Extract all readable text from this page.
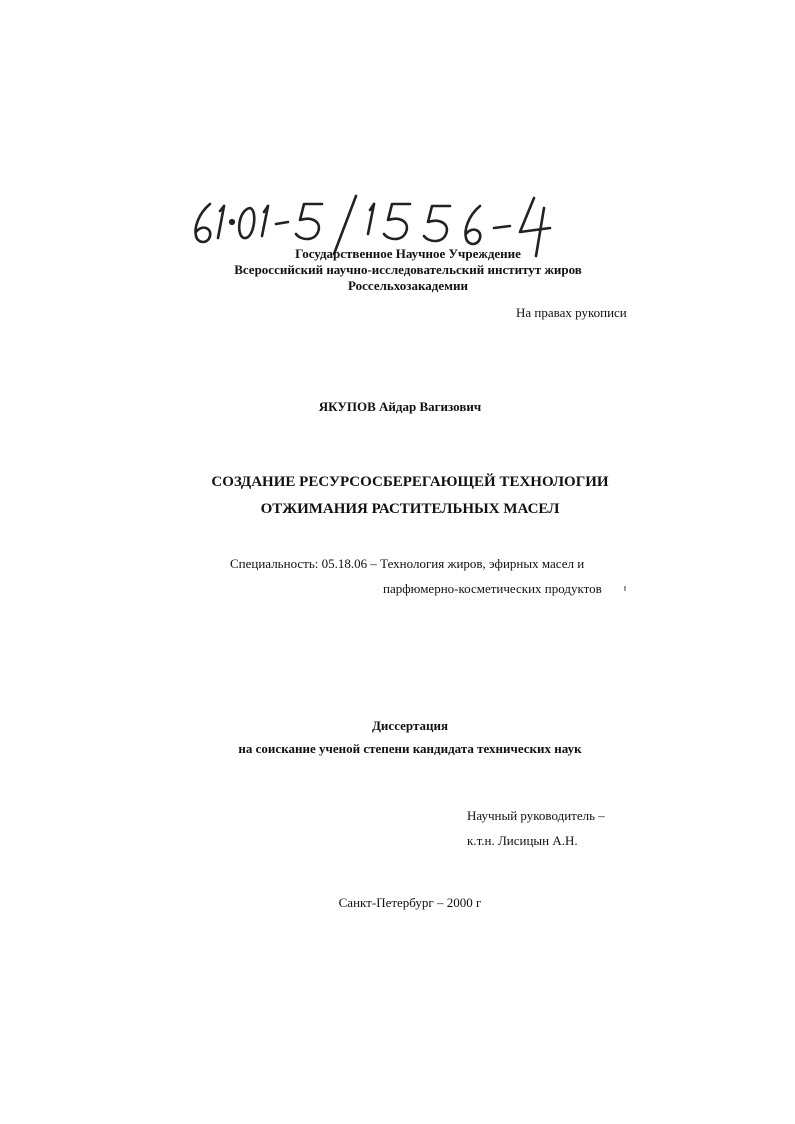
Государственное Научное Учреждение
Всероссийский научно-исследовательский институт жиров
Россельхозакадемии
На правах рукописи
ЯКУПОВ Айдар Вагизович
СОЗДАНИЕ РЕСУРСОСБЕРЕГАЮЩЕЙ ТЕХНОЛОГИИ
ОТЖИМАНИЯ РАСТИТЕЛЬНЫХ МАСЕЛ
Специальность: 05.18.06 – Технология жиров, эфирных масел и
парфюмерно-косметических продуктов
Диссертация
на соискание ученой степени кандидата технических наук
Научный руководитель –
к.т.н. Лисицын А.Н.
Санкт-Петербург – 2000 г
